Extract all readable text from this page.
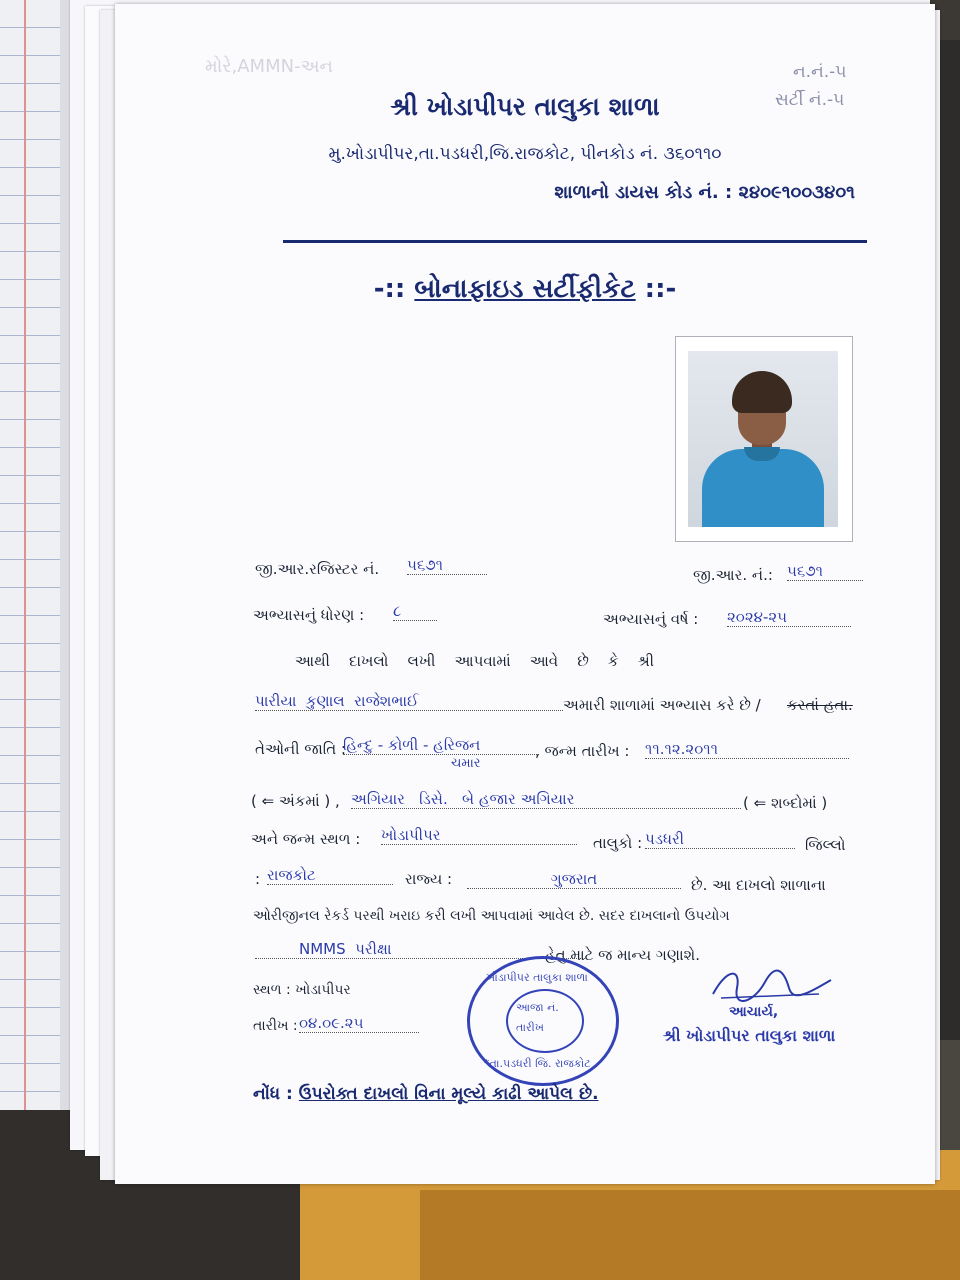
મોરે,AMMN-અન	ન.નં.-૫
સર્ટી નં.-૫
શ્રી ખોડાપીપર તાલુકા શાળા
મુ.ખોડાપીપર,તા.પડધરી,જિ.રાજકોટ, પીનકોડ નં. ૩૬૦૧૧૦
શાળાનો ડાયસ કોડ નં. : ૨૪૦૯૧૦૦૩૪૦૧
-:: બોનાફાઇડ સર્ટીફીકેટ ::-
જી.આર.રજિસ્ટર નં. ૫૬૭૧
જી.આર. નં.: ૫૬૭૧
અભ્યાસનું ધોરણ : ૮	અભ્યાસનું વર્ષ : ૨૦૨૪-૨૫
આથી    દાખલો    લખી    આપવામાં    આવે    છે    કે    શ્રી
પારીયા  કુણાલ  રાજેશભાઈ	અમારી શાળામાં અભ્યાસ કરે છે / કરતાં હતા.
તેઓની જાતિ :
હિન્દુ - કોળી - હરિજન
ચમાર
, જન્મ તારીખ : ૧૧.૧૨.૨૦૧૧
( ⇐ અંકમાં ) , અગિયાર   ડિસે.   બે હજાર અગિયાર	( ⇐ શબ્દોમાં )
અને જન્મ સ્થળ : ખોડાપીપર	તાલુકો : પડધરી	જિલ્લો
: રાજકોટ	રાજ્ય :	ગુજરાત	છે. આ દાખલો શાળાના
ઓરીજીનલ રેકર્ડ પરથી ખરાઇ કરી લખી આપવામાં આવેલ છે. સદર દાખલાનો ઉપયોગ
NMMS  પરીક્ષા	હેતુ માટે જ માન્ય ગણાશે.
સ્થળ : ખોડાપીપર
તારીખ : ૦૪.૦૯.૨૫
ખોડાપીપર તાલુકા શાળા
આજા નં.
તારીખ
*તા.પડધરી જિ. રાજકોટ
આચાર્ય,
શ્રી ખોડાપીપર તાલુકા શાળા
નોંધ : ઉપરોક્ત દાખલો વિના મૂલ્યે કાઢી આપેલ છે.
